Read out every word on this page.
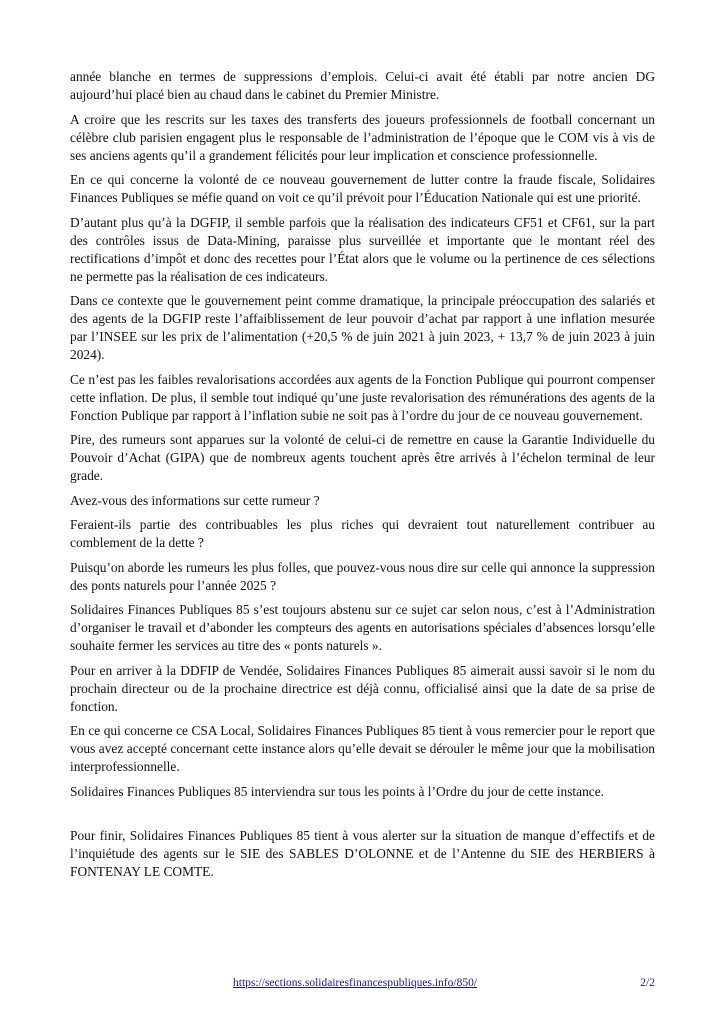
année blanche en termes de suppressions d’emplois. Celui-ci avait été établi par notre ancien DG aujourd’hui placé bien au chaud dans le cabinet du Premier Ministre.

A croire que les rescrits sur les taxes des transferts des joueurs professionnels de football concernant un célèbre club parisien engagent plus le responsable de l’administration de l’époque que le COM vis à vis de ses anciens agents qu’il a grandement félicités pour leur implication et conscience professionnelle.

En ce qui concerne la volonté de ce nouveau gouvernement de lutter contre la fraude fiscale, Solidaires Finances Publiques se méfie quand on voit ce qu’il prévoit pour l’Éducation Nationale qui est une priorité.

D’autant plus qu’à la DGFIP, il semble parfois que la réalisation des indicateurs CF51 et CF61, sur la part des contrôles issus de Data-Mining, paraisse plus surveillée et importante que le montant réel des rectifications d’impôt et donc des recettes pour l’État alors que le volume ou la pertinence de ces sélections ne permette pas la réalisation de ces indicateurs.

Dans ce contexte que le gouvernement peint comme dramatique, la principale préoccupation des salariés et des agents de la DGFIP reste l’affaiblissement de leur pouvoir d’achat par rapport à une inflation mesurée par l’INSEE sur les prix de l’alimentation (+20,5 % de juin 2021 à juin 2023, + 13,7 % de juin 2023 à juin 2024).

Ce n’est pas les faibles revalorisations accordées aux agents de la Fonction Publique qui pourront compenser cette inflation. De plus, il semble tout indiqué qu’une juste revalorisation des rémunérations des agents de la Fonction Publique par rapport à l’inflation subie ne soit pas à l’ordre du jour de ce nouveau gouvernement.

Pire, des rumeurs sont apparues sur la volonté de celui-ci de remettre en cause la Garantie Individuelle du Pouvoir d’Achat (GIPA) que de nombreux agents touchent après être arrivés à l’échelon terminal de leur grade.

Avez-vous des informations sur cette rumeur ?

Feraient-ils partie des contribuables les plus riches qui devraient tout naturellement contribuer au comblement de la dette ?

Puisqu’on aborde les rumeurs les plus folles, que pouvez-vous nous dire sur celle qui annonce la suppression des ponts naturels pour l’année 2025 ?

Solidaires Finances Publiques 85 s’est toujours abstenu sur ce sujet car selon nous, c’est à l’Administration d’organiser le travail et d’abonder les compteurs des agents en autorisations spéciales d’absences lorsqu’elle souhaite fermer les services au titre des « ponts naturels ».

Pour en arriver à la DDFIP de Vendée, Solidaires Finances Publiques 85 aimerait aussi savoir si le nom du prochain directeur ou de la prochaine directrice est déjà connu, officialisé ainsi que la date de sa prise de fonction.

En ce qui concerne ce CSA Local, Solidaires Finances Publiques 85 tient à vous remercier pour le report que vous avez accepté concernant cette instance alors qu’elle devait se dérouler le même jour que la mobilisation interprofessionnelle.

Solidaires Finances Publiques 85 interviendra sur tous les points à l’Ordre du jour de cette instance.

Pour finir, Solidaires Finances Publiques 85 tient à vous alerter sur la situation de manque d’effectifs et de l’inquiétude des agents sur le SIE des SABLES D’OLONNE et de l’Antenne du SIE des HERBIERS à FONTENAY LE COMTE.

https://sections.solidairesfinancespubliques.info/850/	2/2
